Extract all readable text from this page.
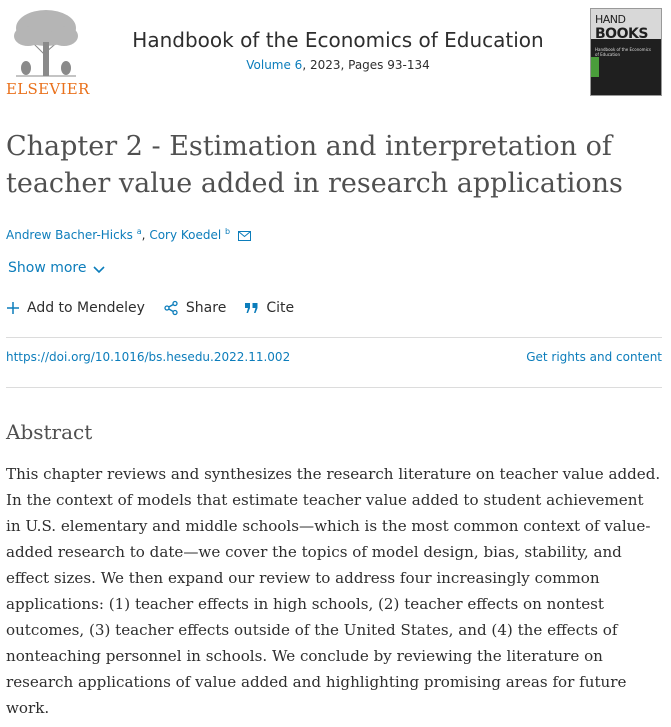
ELSEVIER
Handbook of the Economics of Education
Volume 6, 2023, Pages 93-134
HAND
BOOKS
Handbook of the Economics of Education
Chapter 2 - Estimation and interpretation of teacher value added in research applications
Andrew Bacher-Hicks $^a$, Cory Koedel $^b$
Show more
Add to Mendeley	Share	Cite
https://doi.org/10.1016/bs.hesedu.2022.11.002	Get rights and content
Abstract

This chapter reviews and synthesizes the research literature on teacher value added. In the context of models that estimate teacher value added to student achievement in U.S. elementary and middle schools—which is the most common context of value-added research to date—we cover the topics of model design, bias, stability, and effect sizes. We then expand our review to address four increasingly common applications: (1) teacher effects in high schools, (2) teacher effects on nontest outcomes, (3) teacher effects outside of the United States, and (4) the effects of nonteaching personnel in schools. We conclude by reviewing the literature on research applications of value added and highlighting promising areas for future work.
